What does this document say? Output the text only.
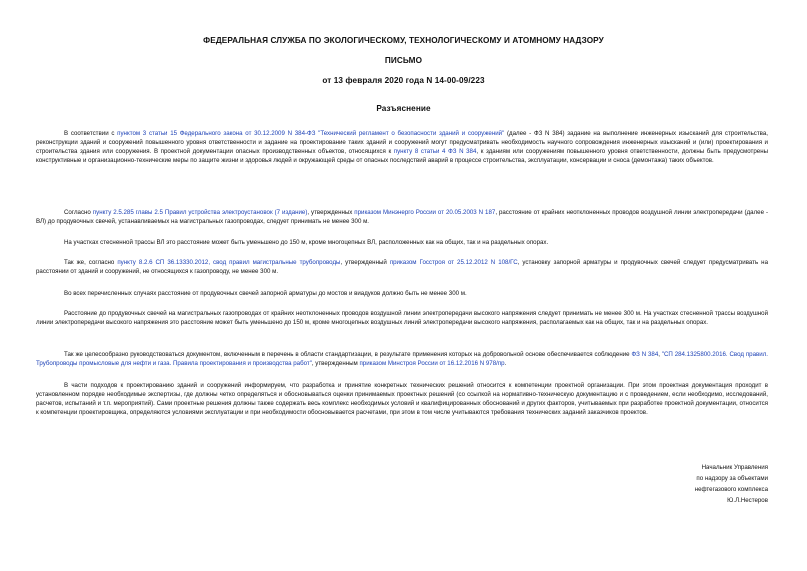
ФЕДЕРАЛЬНАЯ СЛУЖБА ПО ЭКОЛОГИЧЕСКОМУ, ТЕХНОЛОГИЧЕСКОМУ И АТОМНОМУ НАДЗОРУ
ПИСЬМО
от 13 февраля 2020 года N 14-00-09/223
Разъяснение
В соответствии с пунктом 3 статьи 15 Федерального закона от 30.12.2009 N 384-ФЗ "Технический регламент о безопасности зданий и сооружений" (далее - ФЗ N 384) задание на выполнение инженерных изысканий для строительства, реконструкции зданий и сооружений повышенного уровня ответственности и задание на проектирование таких зданий и сооружений могут предусматривать необходимость научного сопровождения инженерных изысканий и (или) проектирования и строительства здания или сооружения. В проектной документации опасных производственных объектов, относящихся к пункту 8 статьи 4 ФЗ N 384, к зданиям или сооружениям повышенного уровня ответственности, должны быть предусмотрены конструктивные и организационно-технические меры по защите жизни и здоровья людей и окружающей среды от опасных последствий аварий в процессе строительства, эксплуатации, консервации и сноса (демонтажа) таких объектов.
Согласно пункту 2.5.285 главы 2.5 Правил устройства электроустановок (7 издание), утвержденных приказом Минэнерго России от 20.05.2003 N 187, расстояние от крайних неотклоненных проводов воздушной линии электропередачи (далее - ВЛ) до продувочных свечей, устанавливаемых на магистральных газопроводах, следует принимать не менее 300 м.
На участках стесненной трассы ВЛ это расстояние может быть уменьшено до 150 м, кроме многоцепных ВЛ, расположенных как на общих, так и на раздельных опорах.
Так же, согласно пункту 8.2.6 СП 36.13330.2012, свод правил магистральные трубопроводы, утвержденный приказом Госстроя от 25.12.2012 N 108/ГС, установку запорной арматуры и продувочных свечей следует предусматривать на расстоянии от зданий и сооружений, не относящихся к газопроводу, не менее 300 м.
Во всех перечисленных случаях расстояние от продувочных свечей запорной арматуры до мостов и виадуков должно быть не менее 300 м.
Расстояние до продувочных свечей на магистральных газопроводах от крайних неотклоненных проводов воздушной линии электропередачи высокого напряжения следует принимать не менее 300 м. На участках стесненной трассы воздушной линии электропередачи высокого напряжения это расстояние может быть уменьшено до 150 м, кроме многоцепных воздушных линий электропередачи высокого напряжения, располагаемых как на общих, так и на раздельных опорах.
Так же целесообразно руководствоваться документом, включенным в перечень в области стандартизации, в результате применения которых на добровольной основе обеспечивается соблюдение ФЗ N 384, "СП 284.1325800.2016. Свод правил. Трубопроводы промысловые для нефти и газа. Правила проектирования и производства работ", утвержденным приказом Минстроя России от 16.12.2016 N 978/пр.
В части подходов к проектированию зданий и сооружений информируем, что разработка и принятие конкретных технических решений относится к компетенции проектной организации. При этом проектная документация проходит в установленном порядке необходимые экспертизы, где должны четко определяться и обосновываться оценки принимаемых проектных решений (со ссылкой на нормативно-техническую документацию и с проведением, если необходимо, исследований, расчетов, испытаний и т.п. мероприятий). Сами проектные решения должны также содержать весь комплекс необходимых условий и квалифицированных обоснований и других факторов, учитываемых при разработке проектной документации, относится к компетенции проектировщика, определяются условиями эксплуатации и при необходимости обосновывается расчетами, при этом в том числе учитываются требования технических заданий заказчиков проектов.
Начальник Управления
по надзору за объектами
нефтегазового комплекса
Ю.Л.Нестеров
